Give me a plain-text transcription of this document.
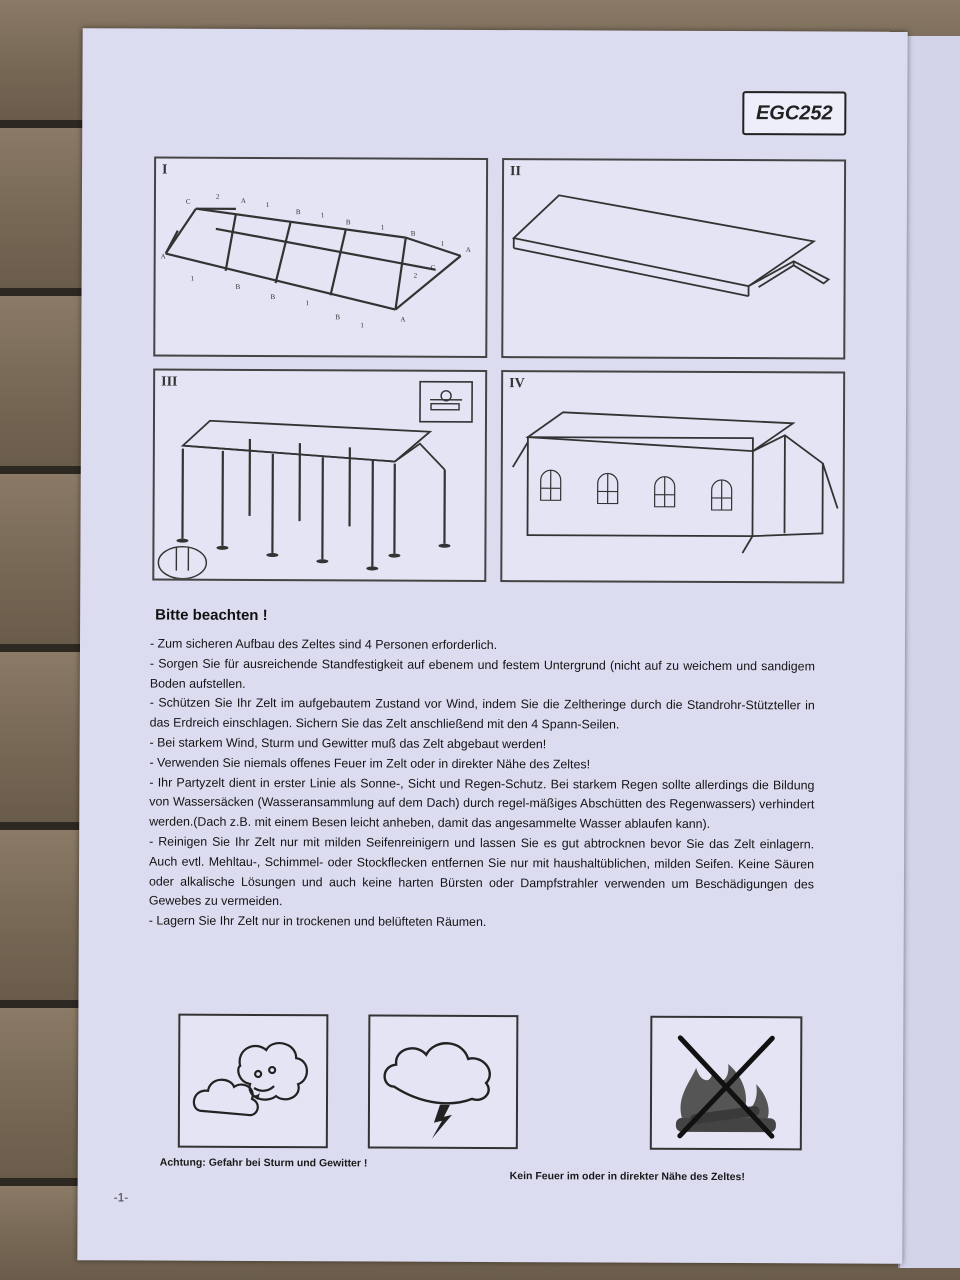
EGC252
I
C
2
A
1
B	1
B
1
B
1
A
A
1
B
B
1
B
1
A
2
C
II
III	IV
Bitte beachten !

- Zum sicheren Aufbau des Zeltes sind 4 Personen erforderlich.

- Sorgen Sie für ausreichende Standfestigkeit auf ebenem und festem Untergrund (nicht auf zu weichem und sandigem Boden aufstellen.

- Schützen Sie Ihr Zelt im aufgebautem Zustand vor Wind, indem Sie die Zeltheringe durch die Standrohr-Stützteller in das Erdreich einschlagen. Sichern Sie das Zelt anschließend mit den 4 Spann-Seilen.

- Bei starkem Wind, Sturm und Gewitter muß das Zelt abgebaut werden!

- Verwenden Sie niemals offenes Feuer im Zelt oder in direkter Nähe des Zeltes!

- Ihr Partyzelt dient in erster Linie als Sonne-, Sicht und Regen-Schutz. Bei starkem Regen sollte allerdings die Bildung von Wassersäcken (Wasseransammlung auf dem Dach) durch regel-mäßiges Abschütten des Regenwassers) verhindert werden.(Dach z.B. mit einem Besen leicht anheben, damit das angesammelte Wasser ablaufen kann).

- Reinigen Sie Ihr Zelt nur mit milden Seifenreinigern und lassen Sie es gut abtrocknen bevor Sie das Zelt einlagern. Auch evtl. Mehltau-, Schimmel- oder Stockflecken entfernen Sie nur mit haushaltüblichen, milden Seifen. Keine Säuren oder alkalische Lösungen und auch keine harten Bürsten oder Dampfstrahler verwenden um Beschädigungen des Gewebes zu vermeiden.

- Lagern Sie Ihr Zelt nur in trockenen und belüfteten Räumen.

Achtung: Gefahr bei Sturm und Gewitter !
Kein Feuer im oder in direkter Nähe des Zeltes!
-1-
